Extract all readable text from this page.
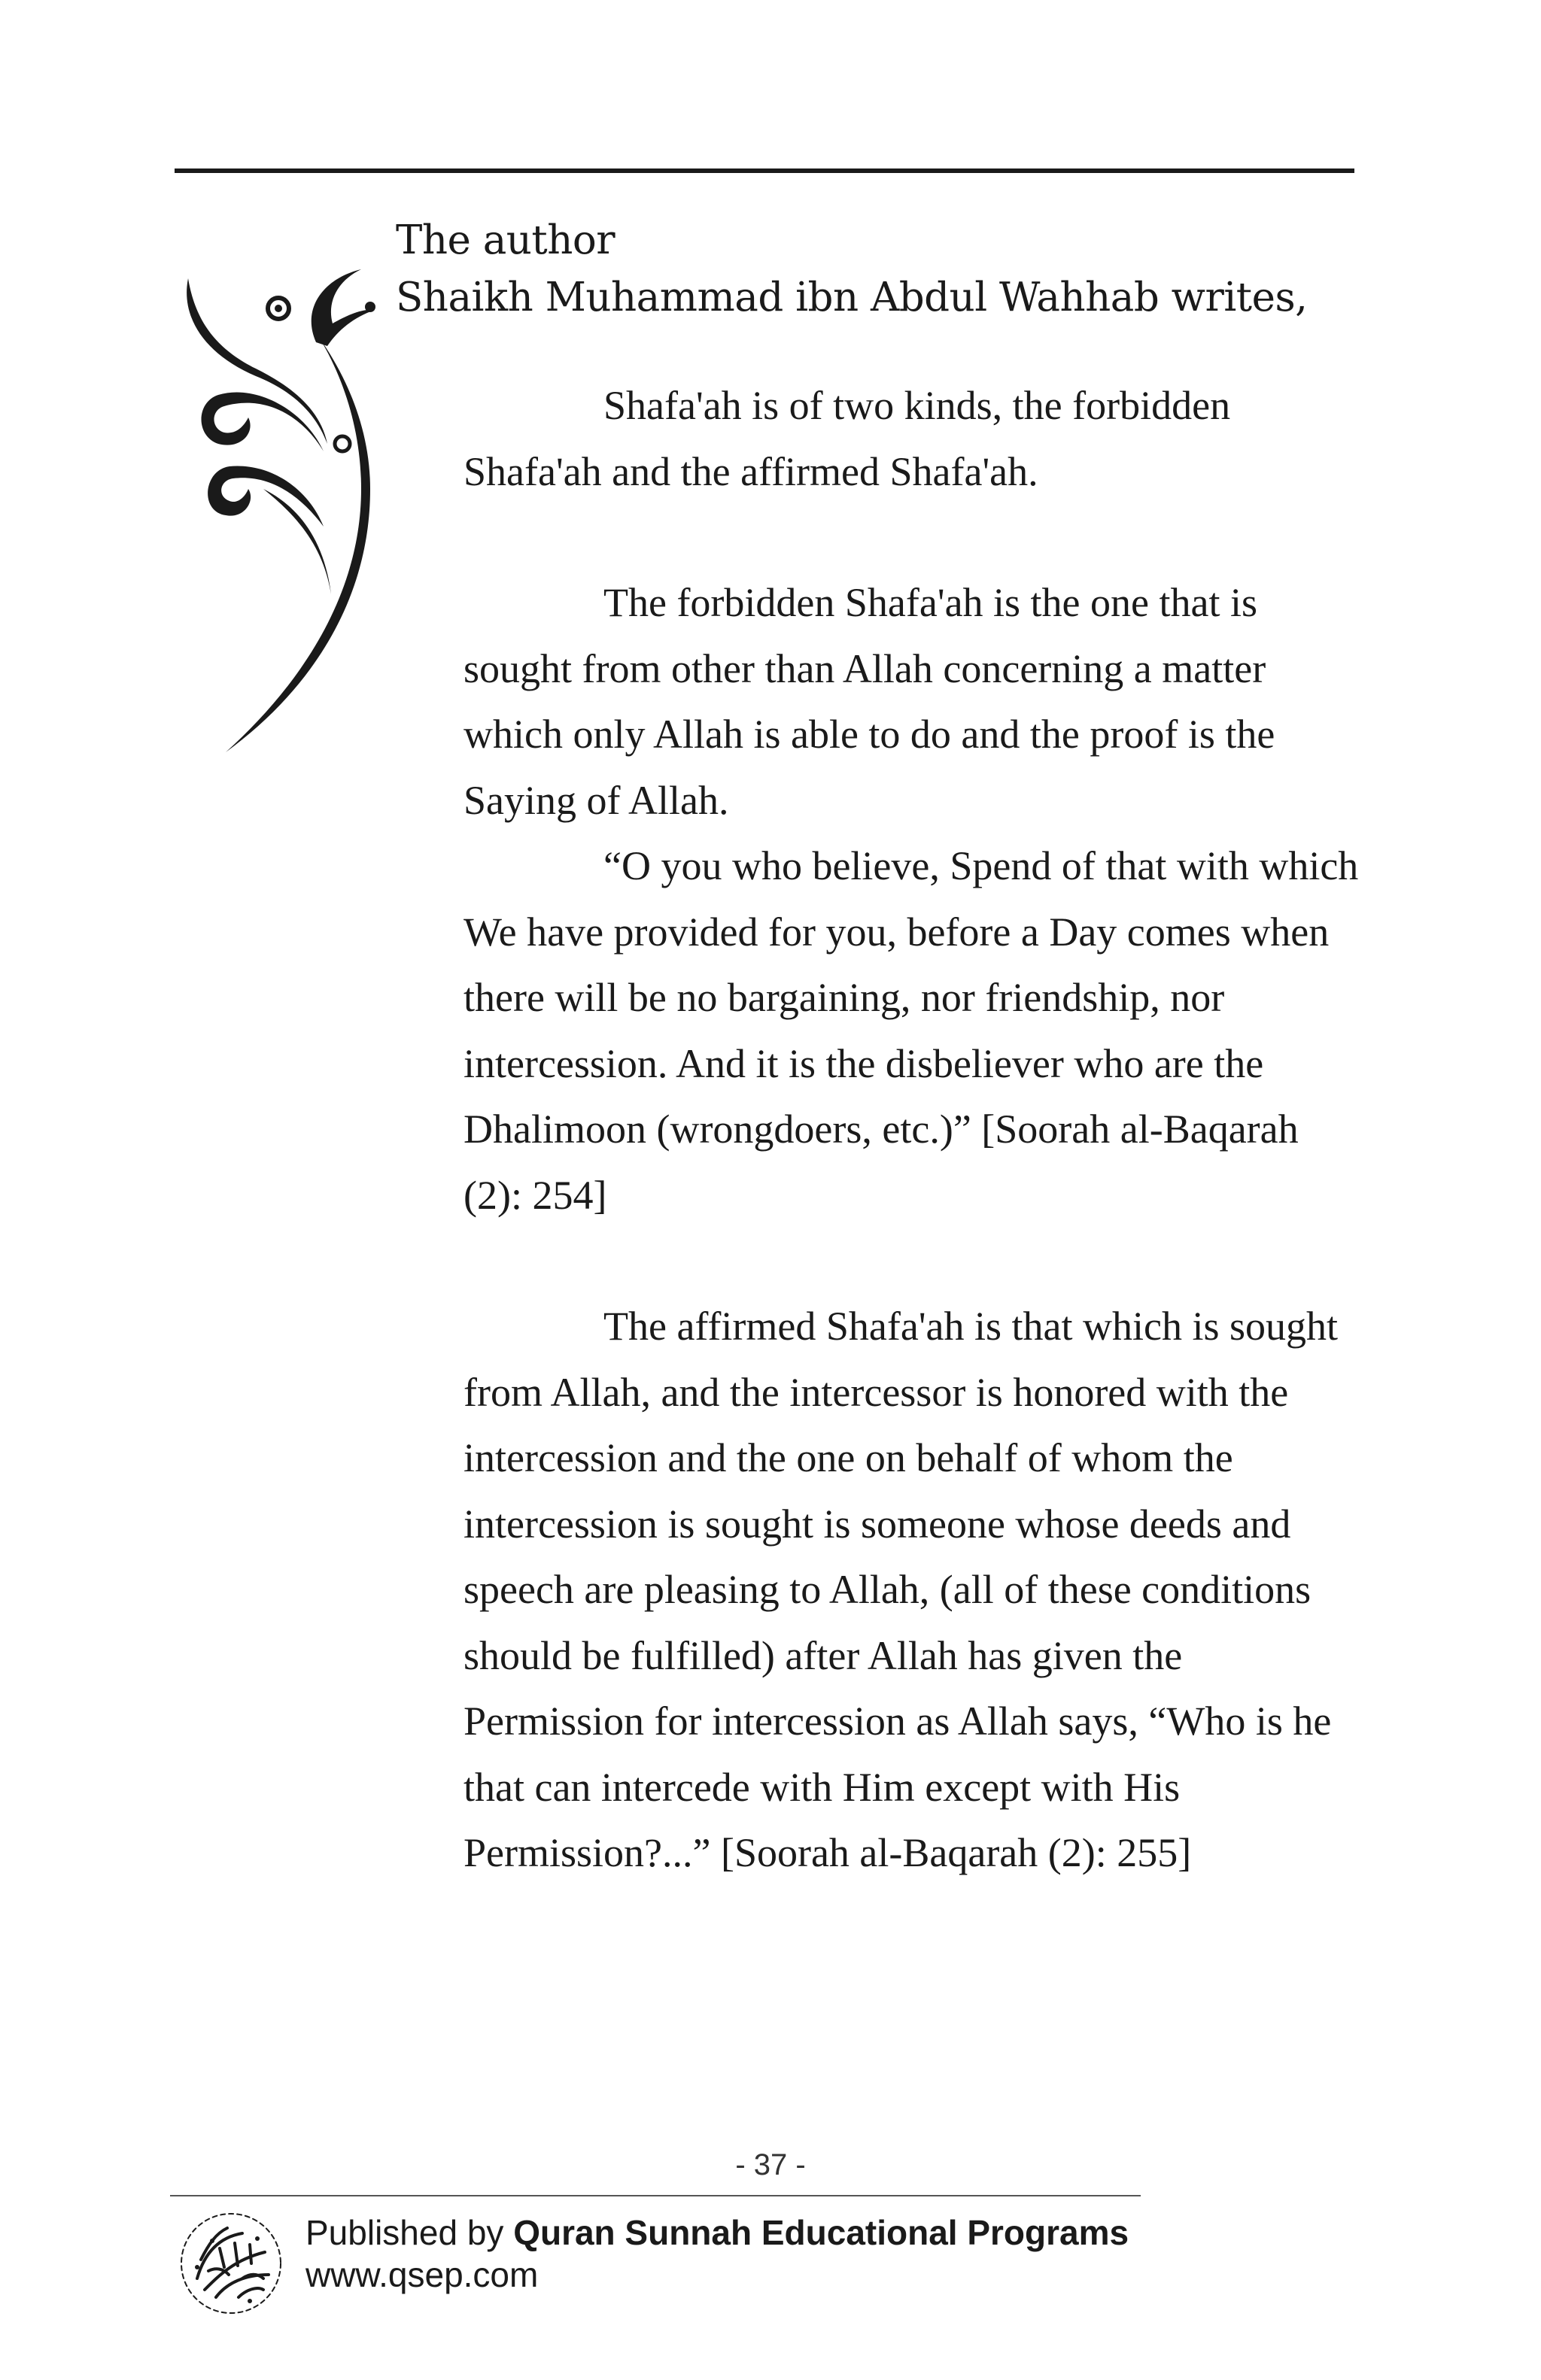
The author

Shaikh Muhammad ibn Abdul Wahhab writes,

Shafa'ah is of two kinds, the forbidden Shafa'ah and the affirmed Shafa'ah.

The forbidden Shafa'ah is the one that is sought from other than Allah concerning a matter which only Allah is able to do and the proof is the Saying of Allah.

“O you who believe, Spend of that with which We have provided for you, before a Day comes when there will be no bargaining, nor friendship, nor intercession. And it is the disbeliever who are the Dhalimoon (wrongdoers, etc.)” [Soorah al-Baqarah (2): 254]

The affirmed Shafa'ah is that which is sought from Allah, and the intercessor is honored with the intercession and the one on behalf of whom the intercession is sought is someone whose deeds and speech are pleasing to Allah, (all of these conditions should be fulfilled) after Allah has given the Permission for intercession as Allah says, “Who is he that can intercede with Him except with His Permission?...” [Soorah al-Baqarah (2): 255]

- 37 -
Published by Quran Sunnah Educational Programs
www.qsep.com
